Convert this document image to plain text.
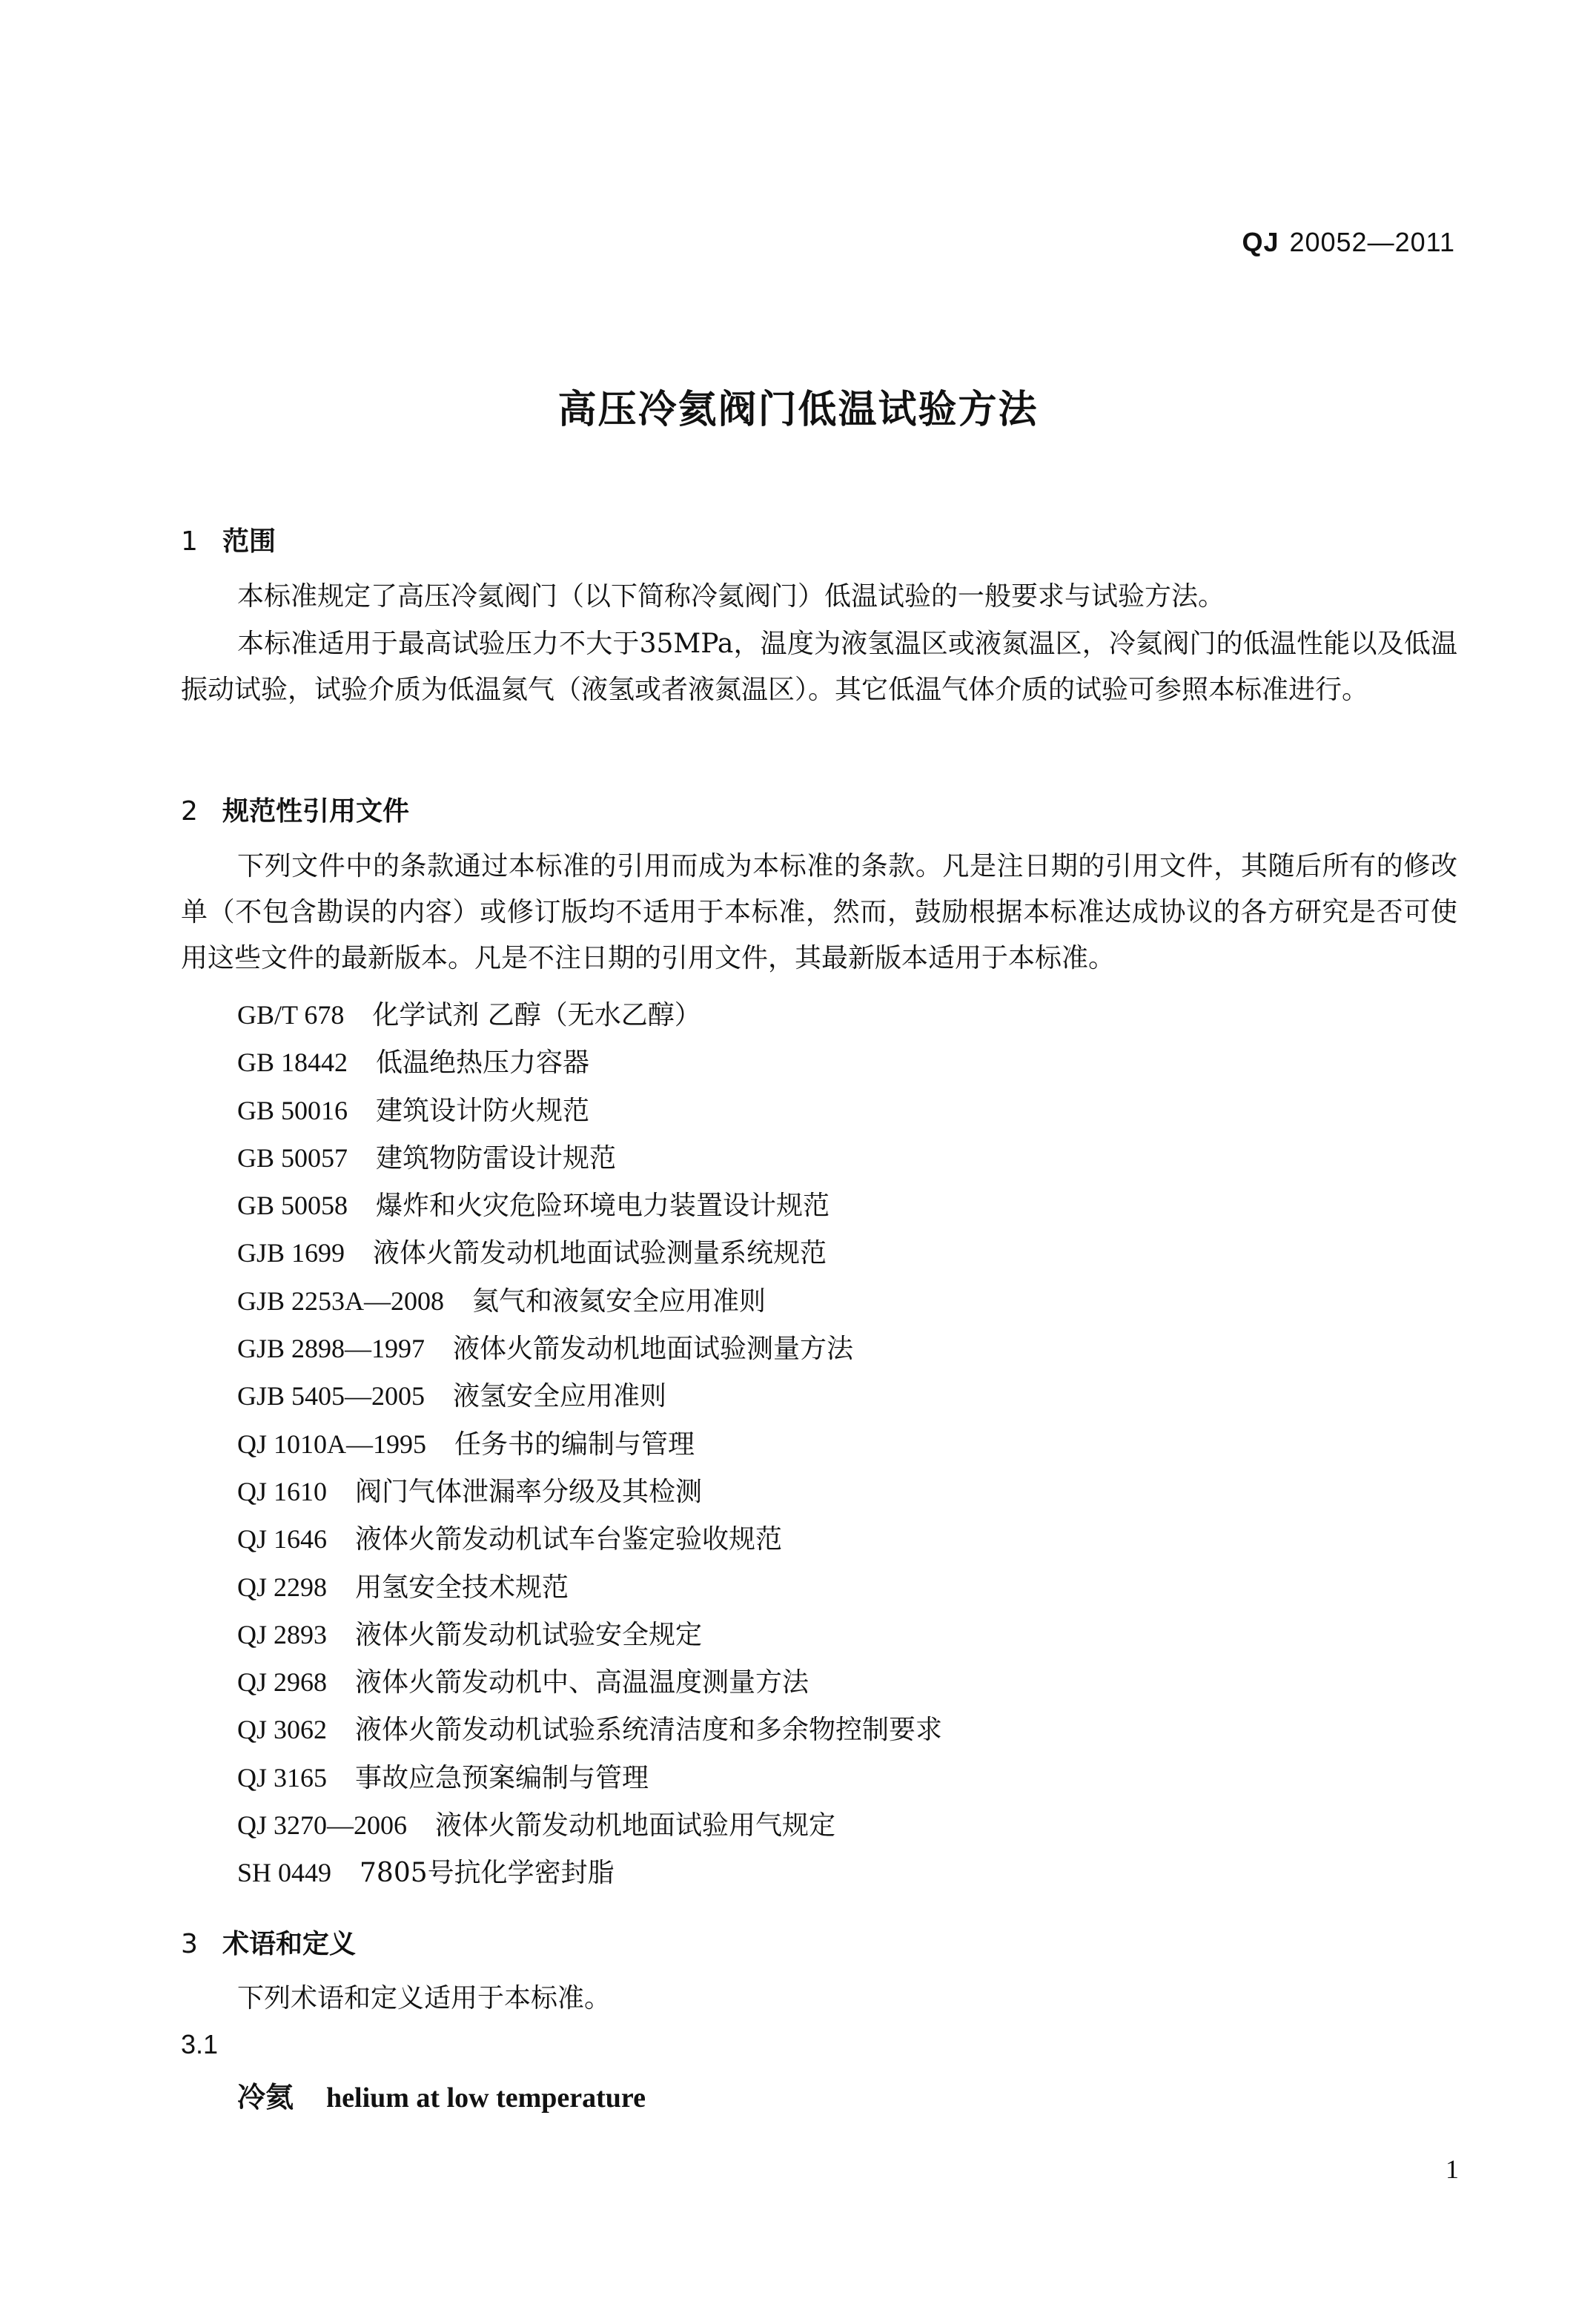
QJ 20052—2011
高压冷氦阀门低温试验方法
1 范围
本标准规定了高压冷氦阀门（以下简称冷氦阀门）低温试验的一般要求与试验方法。
本标准适用于最高试验压力不大于35MPa，温度为液氢温区或液氮温区，冷氦阀门的低温性能以及低温振动试验，试验介质为低温氦气（液氢或者液氮温区）。其它低温气体介质的试验可参照本标准进行。
2 规范性引用文件
下列文件中的条款通过本标准的引用而成为本标准的条款。凡是注日期的引用文件，其随后所有的修改单（不包含勘误的内容）或修订版均不适用于本标准，然而，鼓励根据本标准达成协议的各方研究是否可使用这些文件的最新版本。凡是不注日期的引用文件，其最新版本适用于本标准。
GB/T 678 化学试剂 乙醇（无水乙醇）
GB 18442 低温绝热压力容器
GB 50016 建筑设计防火规范
GB 50057 建筑物防雷设计规范
GB 50058 爆炸和火灾危险环境电力装置设计规范
GJB 1699 液体火箭发动机地面试验测量系统规范
GJB 2253A—2008 氦气和液氦安全应用准则
GJB 2898—1997 液体火箭发动机地面试验测量方法
GJB 5405—2005 液氢安全应用准则
QJ 1010A—1995 任务书的编制与管理
QJ 1610 阀门气体泄漏率分级及其检测
QJ 1646 液体火箭发动机试车台鉴定验收规范
QJ 2298 用氢安全技术规范
QJ 2893 液体火箭发动机试验安全规定
QJ 2968 液体火箭发动机中、高温温度测量方法
QJ 3062 液体火箭发动机试验系统清洁度和多余物控制要求
QJ 3165 事故应急预案编制与管理
QJ 3270—2006 液体火箭发动机地面试验用气规定
SH 0449 7805号抗化学密封脂
3 术语和定义
下列术语和定义适用于本标准。
3.1
冷氦 helium at low temperature
1
